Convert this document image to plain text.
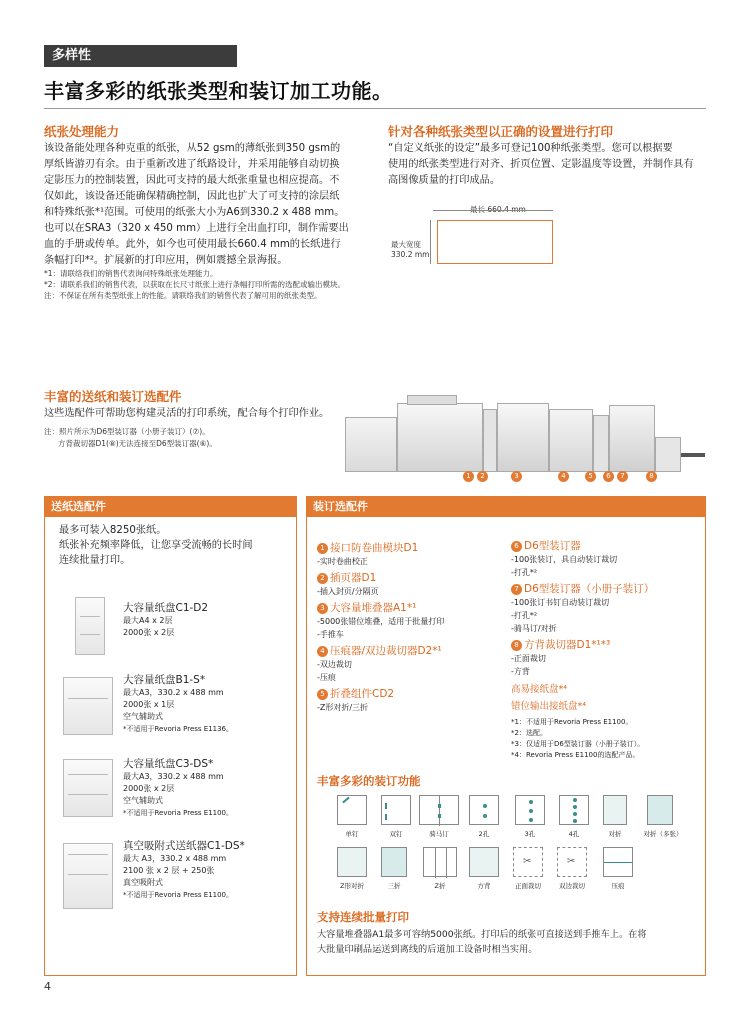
多样性
丰富多彩的纸张类型和装订加工功能。
纸张处理能力
该设备能处理各种克重的纸张，从52 gsm的薄纸张到350 gsm的
厚纸皆游刃有余。由于重新改进了纸路设计，并采用能够自动切换
定影压力的控制装置，因此可支持的最大纸张重量也相应提高。不
仅如此，该设备还能确保精确控制，因此也扩大了可支持的涂层纸
和特殊纸张*¹范围。可使用的纸张大小为A6到330.2 x 488 mm。
也可以在SRA3（320 x 450 mm）上进行全出血打印，制作需要出
血的手册或传单。此外，如今也可使用最长660.4 mm的长纸进行
条幅打印*²。扩展新的打印应用，例如震撼全景海报。
*1：请联络我们的销售代表询问特殊纸张处理能力。
*2：请联系我们的销售代表，以获取在长尺寸纸张上进行条幅打印所需的选配或输出模块。
注：不保证在所有类型纸张上的性能。请联络我们的销售代表了解可用的纸张类型。
针对各种纸张类型以正确的设置进行打印
“自定义纸张的设定”最多可登记100种纸张类型。您可以根据要
使用的纸张类型进行对齐、折页位置、定影温度等设置，并制作具有
高图像质量的打印成品。
最大宽度
330.2 mm
丰富的送纸和装订选配件
这些选配件可帮助您构建灵活的打印系统，配合每个打印作业。
注：照片所示为D6型装订器（小册子装订）(⑦)。
方背裁切器D1(⑧)无法连接至D6型装订器(⑥)。
1	2	3	4	5	6	7	8
送纸选配件
最多可装入8250张纸。
纸张补充频率降低，让您享受流畅的长时间
连续批量打印。
大容量纸盘C1-D2
最大A4 x 2层
2000张 x 2层
大容量纸盘B1-S*
最大A3，330.2 x 488 mm
2000张 x 1层
空气辅助式
*不适用于Revoria Press E1136。
大容量纸盘C3-DS*
最大A3，330.2 x 488 mm
2000张 x 2层
空气辅助式
*不适用于Revoria Press E1100。
真空吸附式送纸器C1-DS*
最大 A3，330.2 x 488 mm
2100 张 x 2 层 + 250张
真空吸附式
*不适用于Revoria Press E1100。
装订选配件
1 接口防卷曲模块D1
-实时卷曲校正
2 插页器D1
-插入封页/分隔页
3 大容量堆叠器A1*¹
-5000张错位堆叠，适用于批量打印
-手推车
4 压痕器/双边裁切器D2*¹
-双边裁切
-压痕
5 折叠组件CD2
-Z形对折/三折
6 D6型装订器
-100张装订，具自动装订裁切
-打孔*²
7 D6型装订器（小册子装订）
-100张订书钉自动装订裁切
-打孔*²
-骑马订/对折
8 方背裁切器D1*¹*³
-正面裁切
-方背
高易接纸盘*⁴
错位输出接纸盘*⁴
*1：不适用于Revoria Press E1100。
*2：选配。
*3：仅适用于D6型装订器（小册子装订）。
*4：Revoria Press E1100的选配产品。
丰富多彩的装订功能
单钉	双钉	骑马订	2孔	3孔	4孔	对折	对折（多张）
Z形对折	三折	Z折	方背
✂
正面裁切
✂
双边裁切	压痕
支持连续批量打印
大容量堆叠器A1最多可容纳5000张纸。打印后的纸张可直接送到手推车上。在将
大批量印刷品运送到离线的后道加工设备时相当实用。
4
